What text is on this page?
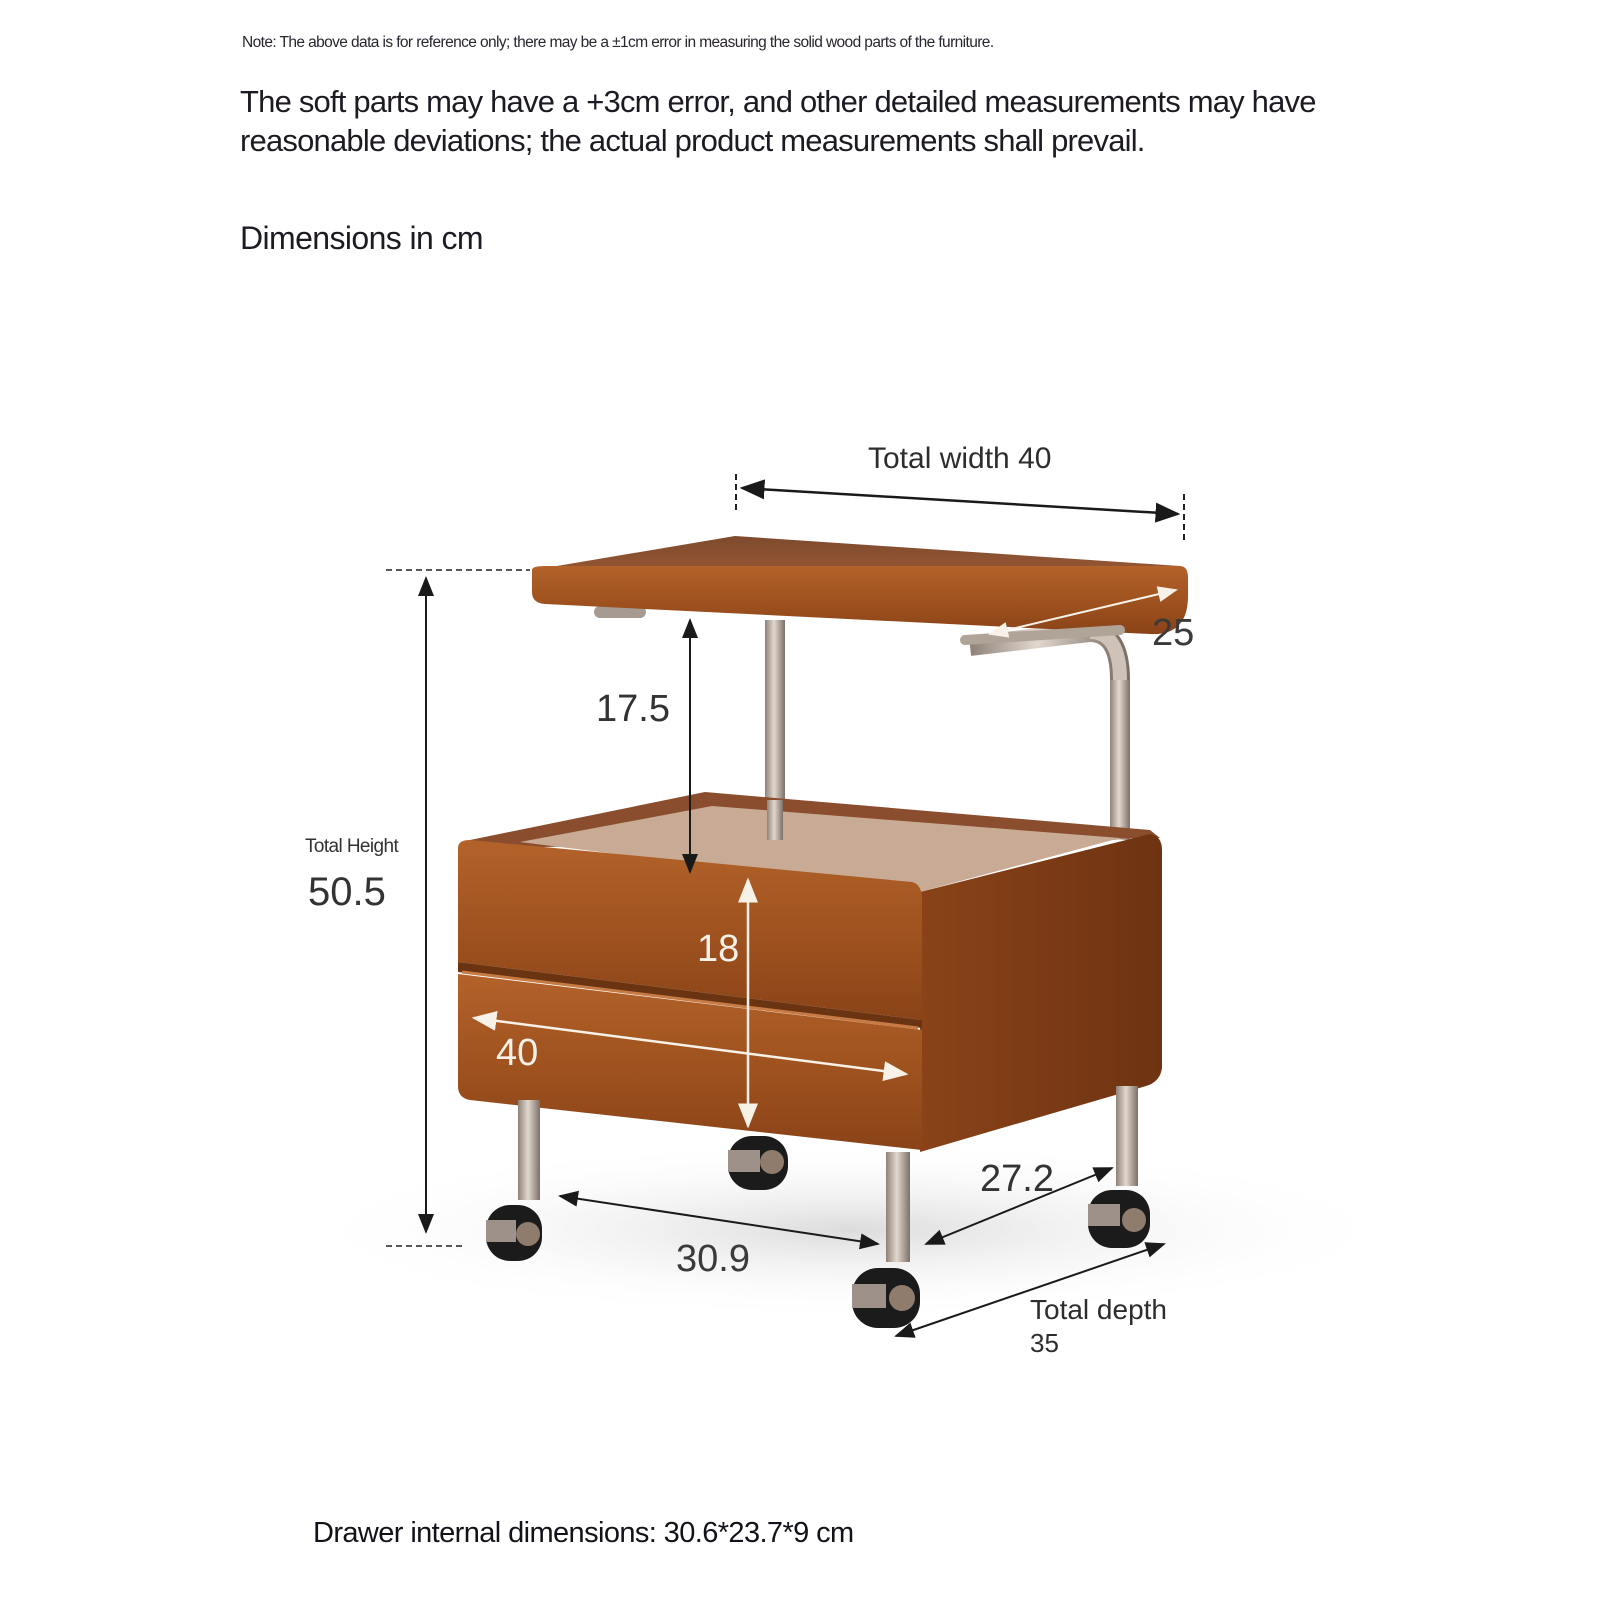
Note: The above data is for reference only; there may be a ±1cm error in measuring the solid wood parts of the furniture.
The soft parts may have a +3cm error, and other detailed measurements may have reasonable deviations; the actual product measurements shall prevail.
Dimensions in cm
Total width 40
25
17.5
Total Height
50.5
18
40
30.9
27.2
Total depth
35
Drawer internal dimensions: 30.6*23.7*9 cm
